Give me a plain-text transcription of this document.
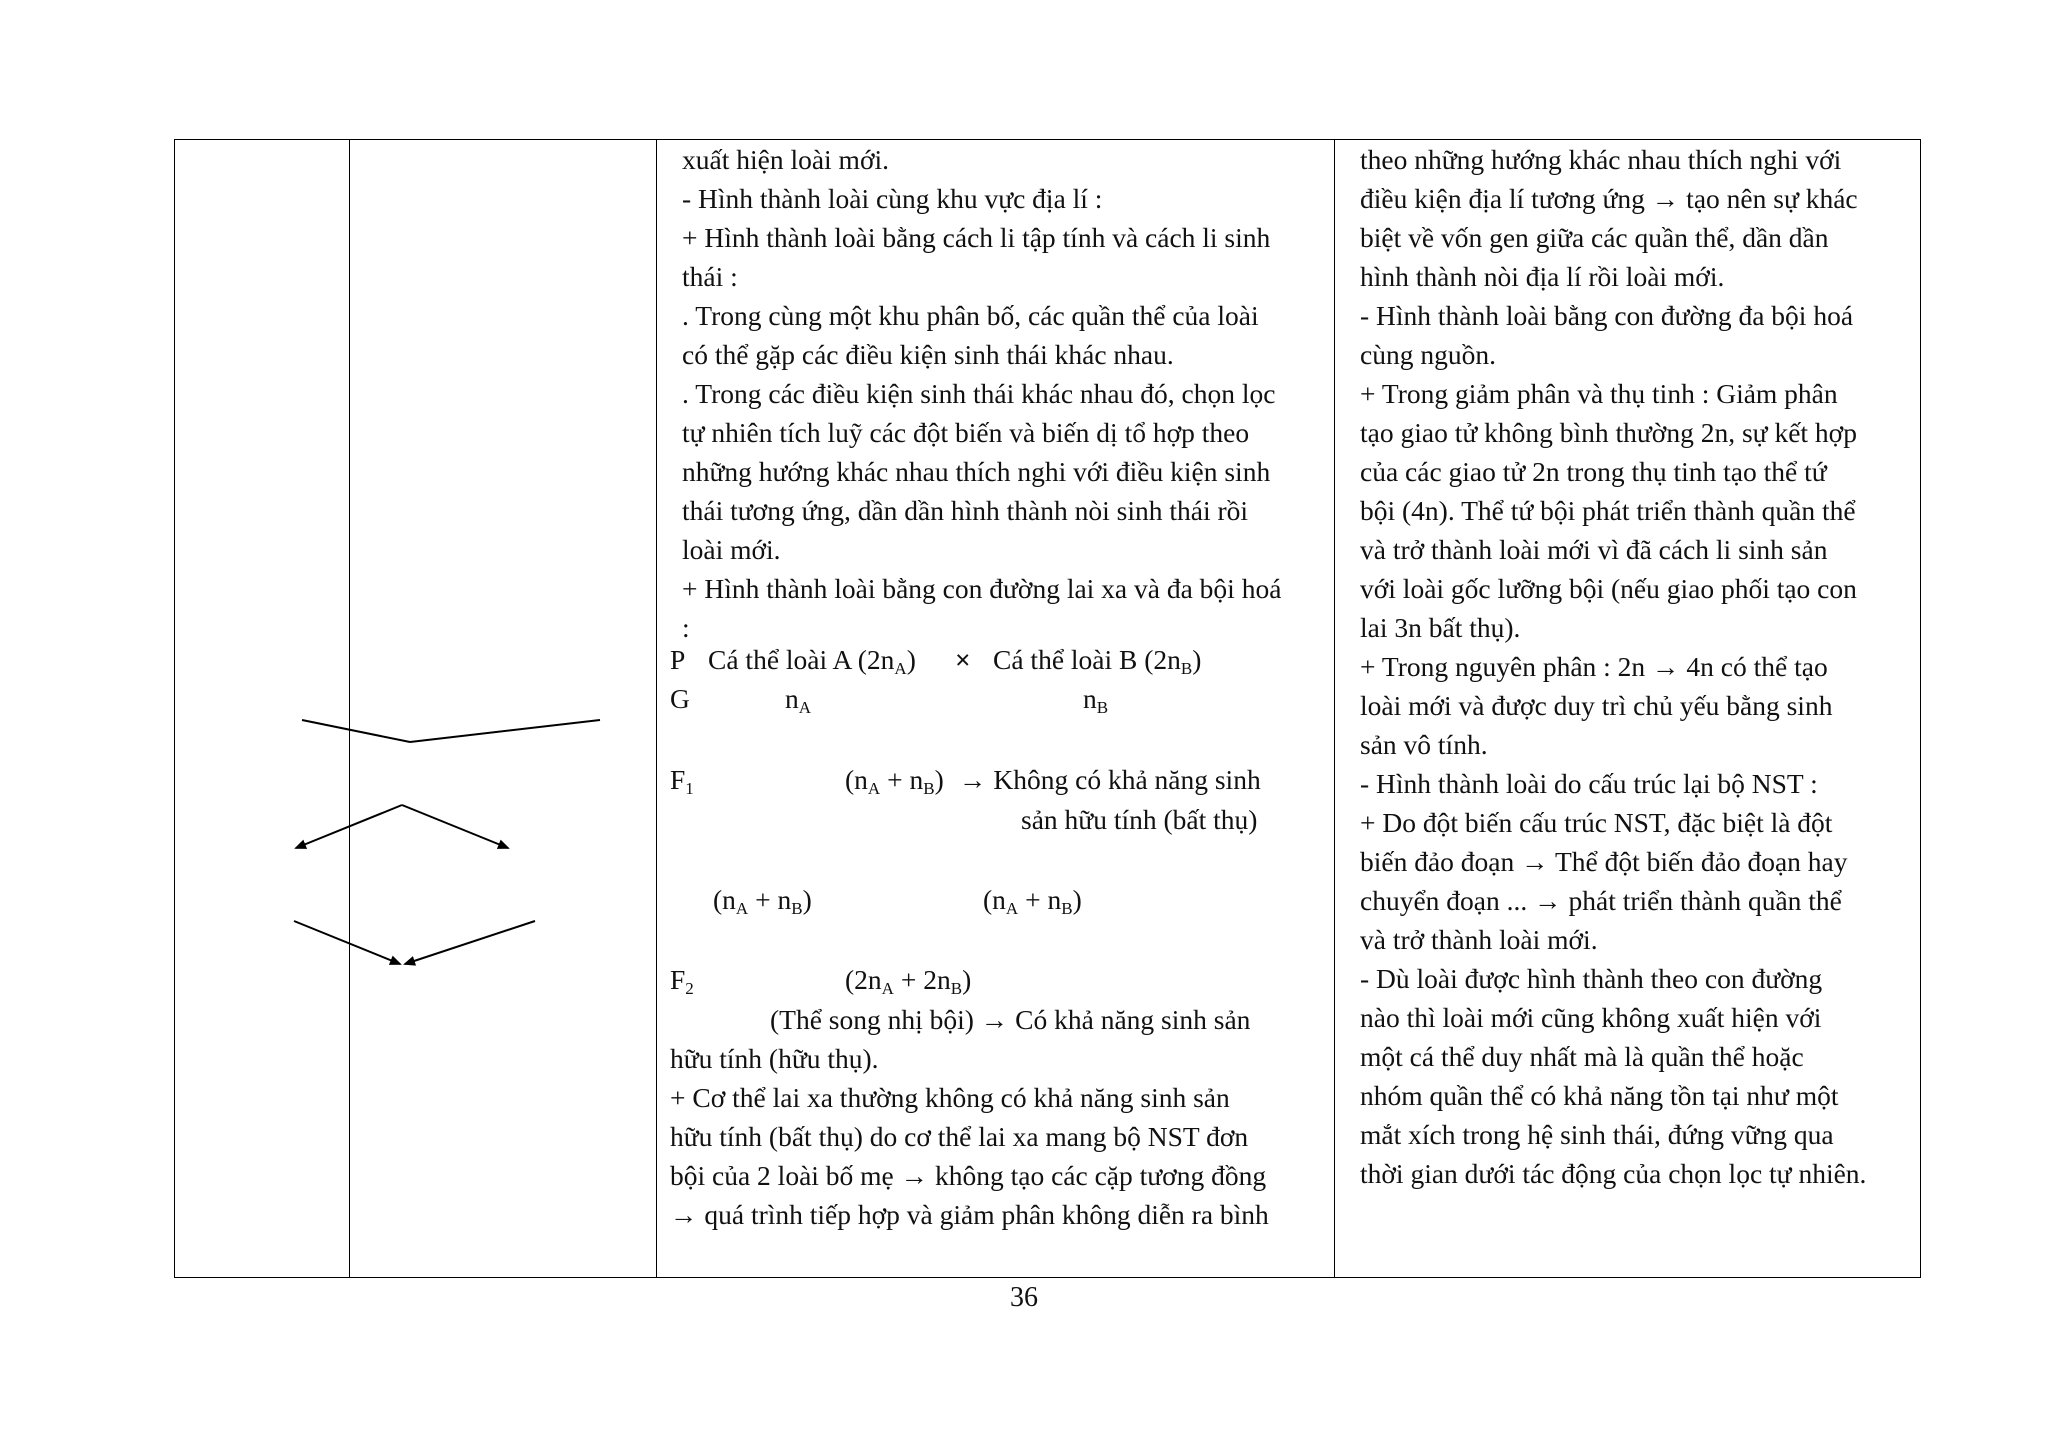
xuất hiện loài mới.
- Hình thành loài cùng khu vực địa lí :
+ Hình thành loài bằng cách li tập tính và cách li sinh
thái :
. Trong cùng một khu phân bố, các quần thể của loài
có thể gặp các điều kiện sinh thái khác nhau.
. Trong các điều kiện sinh thái khác nhau đó, chọn lọc
tự nhiên tích luỹ các đột biến và biến dị tổ hợp theo
những hướng khác nhau thích nghi với điều kiện sinh
thái tương ứng, dần dần hình thành nòi sinh thái rồi
loài mới.
+ Hình thành loài bằng con đường lai xa và đa bội hoá
:
P Cá thể loài A (2nA) × Cá thể loài B (2nB)
G	nA	nB
F1	(nA + nB) → Không có khả năng sinh
sản hữu tính (bất thụ)
(nA + nB)	(nA + nB)
F2	(2nA + 2nB)
(Thể song nhị bội) → Có khả năng sinh sản
hữu tính (hữu thụ).
+ Cơ thể lai xa thường không có khả năng sinh sản
hữu tính (bất thụ) do cơ thể lai xa mang bộ NST đơn
bội của 2 loài bố mẹ → không tạo các cặp tương đồng
→ quá trình tiếp hợp và giảm phân không diễn ra bình
theo những hướng khác nhau thích nghi với
điều kiện địa lí tương ứng → tạo nên sự khác
biệt về vốn gen giữa các quần thể, dần dần
hình thành nòi địa lí rồi loài mới.
- Hình thành loài bằng con đường đa bội hoá
cùng nguồn.
+ Trong giảm phân và thụ tinh : Giảm phân
tạo giao tử không bình thường 2n, sự kết hợp
của các giao tử 2n trong thụ tinh tạo thể tứ
bội (4n). Thể tứ bội phát triển thành quần thể
và trở thành loài mới vì đã cách li sinh sản
với loài gốc lưỡng bội (nếu giao phối tạo con
lai 3n bất thụ).
+ Trong nguyên phân : 2n → 4n có thể tạo
loài mới và được duy trì chủ yếu bằng sinh
sản vô tính.
- Hình thành loài do cấu trúc lại bộ NST :
+ Do đột biến cấu trúc NST, đặc biệt là đột
biến đảo đoạn → Thể đột biến đảo đoạn hay
chuyển đoạn ... → phát triển thành quần thể
và trở thành loài mới.
- Dù loài được hình thành theo con đường
nào thì loài mới cũng không xuất hiện với
một cá thể duy nhất mà là quần thể hoặc
nhóm quần thể có khả năng tồn tại như một
mắt xích trong hệ sinh thái, đứng vững qua
thời gian dưới tác động của chọn lọc tự nhiên.
36
